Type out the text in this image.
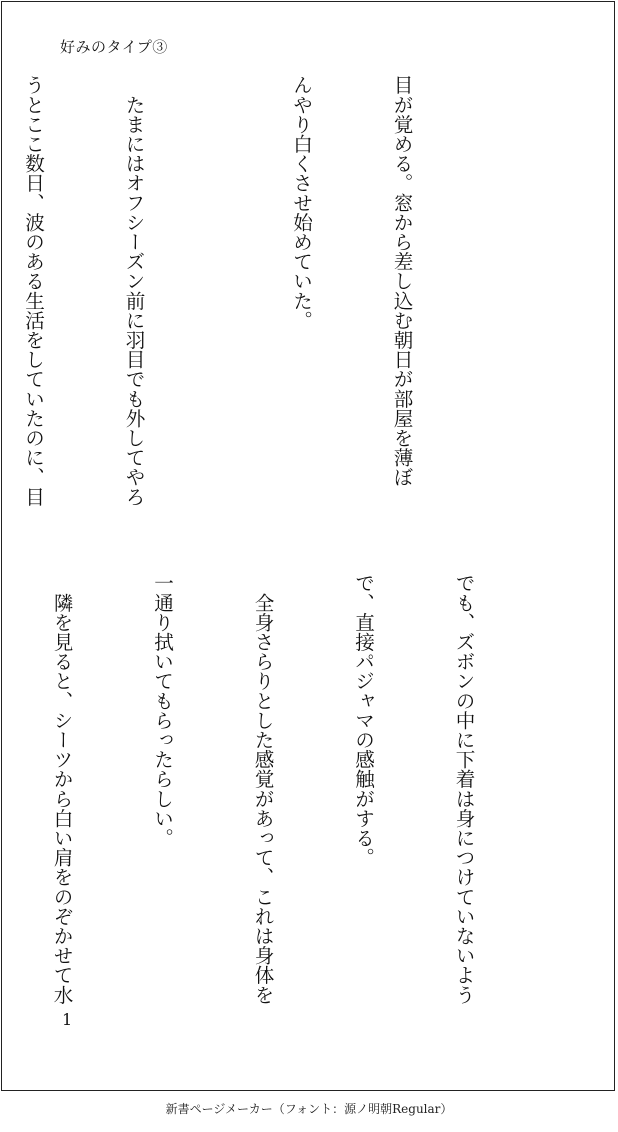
好みのタイプ③

目が覚める。窓から差し込む朝日が部屋を薄ぼ

んやり白くさせ始めていた。

　たまにはオフシーズン前に羽目でも外してやろ

うとここ数日、波のある生活をしていたのに、目

でも、ズボンの中に下着は身につけていないよう

で、直接パジャマの感触がする。

　全身さらりとした感覚があって、これは身体を

一通り拭いてもらったらしい。

　隣を見ると、シーツから白い肩をのぞかせて水

1
新書ページメーカー（フォント：源ノ明朝Regular）
